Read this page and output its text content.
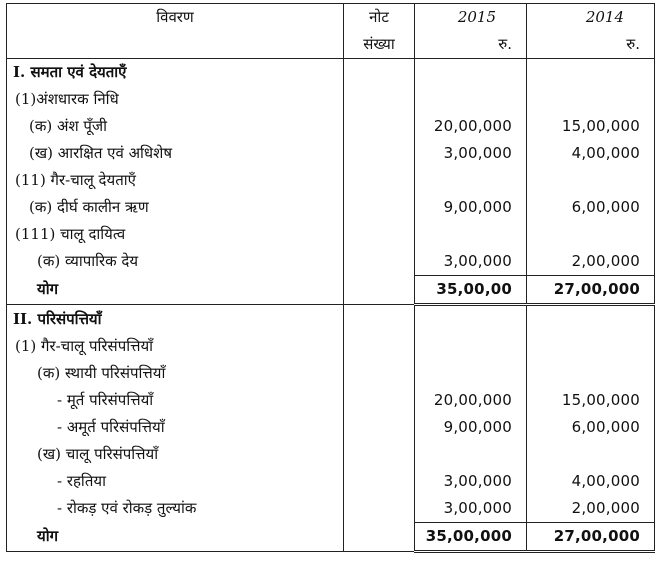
विवरण	नोट	2015	2014
	संख्या	रु.	रु.
I. समता एवं देयताएँ			
(1)अंशधारक निधि			
(क) अंश पूँजी		20,00,000	15,00,000
(ख) आरक्षित एवं अधिशेष		3,00,000	4,00,000
(11) गैर-चालू देयताएँ			
(क) दीर्घ कालीन ऋण		9,00,000	6,00,000
(111) चालू दायित्व			
(क) व्यापारिक देय		3,00,000	2,00,000
योग		35,00,00	27,00,000
II. परिसंपत्तियाँ			
(1) गैर-चालू परिसंपत्तियाँ			
(क) स्थायी परिसंपत्तियाँ			
- मूर्त परिसंपत्तियाँ		20,00,000	15,00,000
- अमूर्त परिसंपत्तियाँ		9,00,000	6,00,000
(ख) चालू परिसंपत्तियाँ			
- रहतिया		3,00,000	4,00,000
- रोकड़ एवं रोकड़ तुल्यांक		3,00,000	2,00,000
योग		35,00,000	27,00,000
